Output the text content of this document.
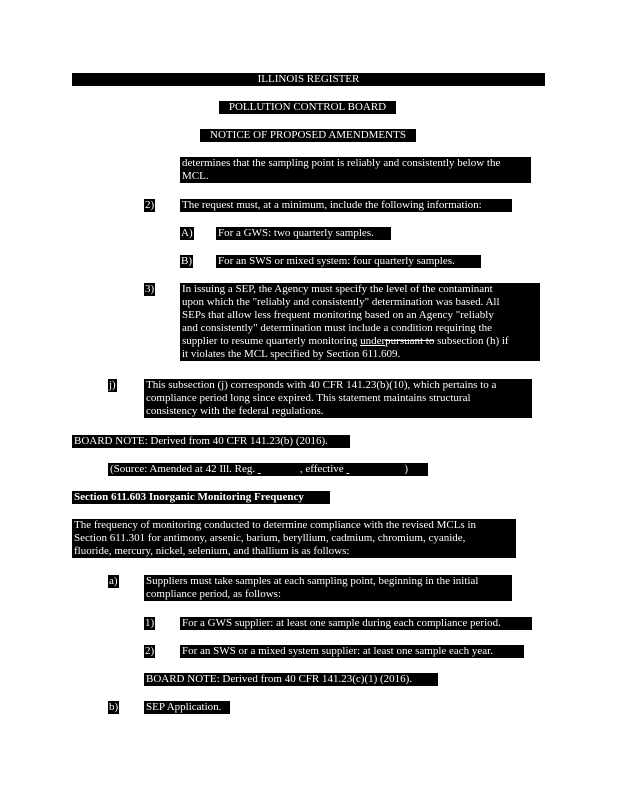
ILLINOIS REGISTER
POLLUTION CONTROL BOARD
NOTICE OF PROPOSED AMENDMENTS
determines that the sampling point is reliably and consistently below the
MCL.
2)	The request must, at a minimum, include the following information:
A) For a GWS: two quarterly samples.
B) For an SWS or mixed system: four quarterly samples.
3)	In issuing a SEP, the Agency must specify the level of the contaminant
upon which the "reliably and consistently" determination was based. All
SEPs that allow less frequent monitoring based on an Agency "reliably
and consistently" determination must include a condition requiring the
supplier to resume quarterly monitoring underpursuant to subsection (h) if
it violates the MCL specified by Section 611.609.
j)	This subsection (j) corresponds with 40 CFR 141.23(b)(10), which pertains to a
compliance period long since expired. This statement maintains structural
consistency with the federal regulations.
BOARD NOTE: Derived from 40 CFR 141.23(b) (2016).
(Source: Amended at 42 Ill. Reg.	, effective	)
Section 611.603 Inorganic Monitoring Frequency
The frequency of monitoring conducted to determine compliance with the revised MCLs in
Section 611.301 for antimony, arsenic, barium, beryllium, cadmium, chromium, cyanide,
fluoride, mercury, nickel, selenium, and thallium is as follows:
a)	Suppliers must take samples at each sampling point, beginning in the initial
compliance period, as follows:
1)	For a GWS supplier: at least one sample during each compliance period.
2)	For an SWS or a mixed system supplier: at least one sample each year.
BOARD NOTE: Derived from 40 CFR 141.23(c)(1) (2016).
b)	SEP Application.
